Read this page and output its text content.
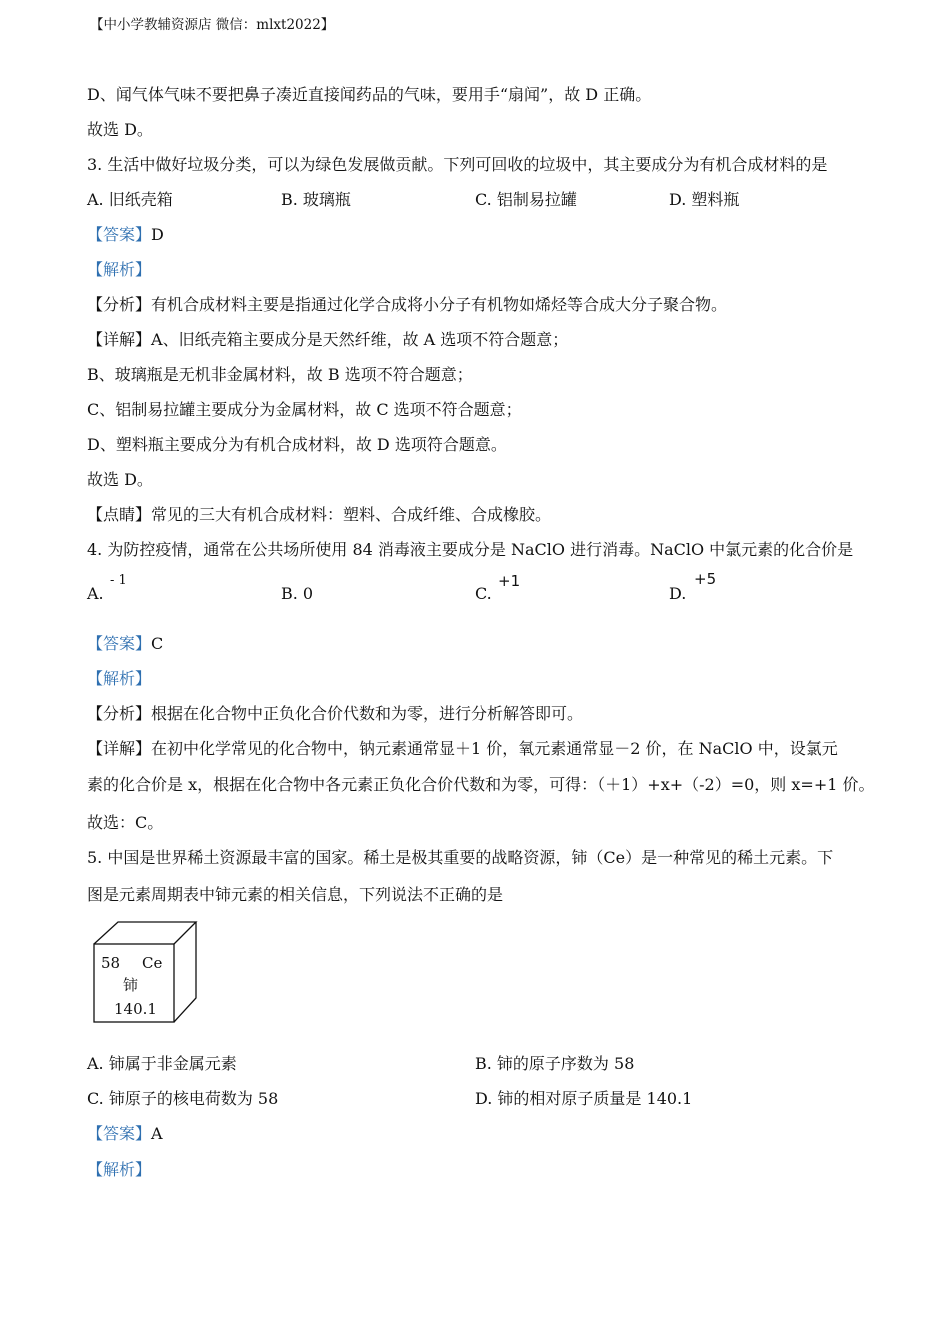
【中小学教辅资源店 微信：mlxt2022】
D、闻气体气味不要把鼻子凑近直接闻药品的气味，要用手“扇闻”，故 D 正确。
故选 D。
3. 生活中做好垃圾分类，可以为绿色发展做贡献。下列可回收的垃圾中，其主要成分为有机合成材料的是
A. 旧纸壳箱	B. 玻璃瓶	C. 铝制易拉罐	D. 塑料瓶
【答案】D
【解析】
【分析】有机合成材料主要是指通过化学合成将小分子有机物如烯烃等合成大分子聚合物。
【详解】A、旧纸壳箱主要成分是天然纤维，故 A 选项不符合题意；
B、玻璃瓶是无机非金属材料，故 B 选项不符合题意；
C、铝制易拉罐主要成分为金属材料，故 C 选项不符合题意；
D、塑料瓶主要成分为有机合成材料，故 D 选项符合题意。
故选 D。
【点睛】常见的三大有机合成材料：塑料、合成纤维、合成橡胶。
4. 为防控疫情，通常在公共场所使用 84 消毒液主要成分是 NaClO 进行消毒。NaClO 中氯元素的化合价是
A.
- 1
B. 0	C.
+1
D.
+5
【答案】C
【解析】
【分析】根据在化合物中正负化合价代数和为零，进行分析解答即可。
【详解】在初中化学常见的化合物中，钠元素通常显＋1 价，氧元素通常显－2 价，在 NaClO 中，设氯元
素的化合价是 x，根据在化合物中各元素正负化合价代数和为零，可得：（＋1）+x+（-2）=0，则 x=+1 价。
故选：C。
5. 中国是世界稀土资源最丰富的国家。稀土是极其重要的战略资源，铈（Ce）是一种常见的稀土元素。下
图是元素周期表中铈元素的相关信息，下列说法不正确的是
58 Ce
铈
140.1
A. 铈属于非金属元素	B. 铈的原子序数为 58
C. 铈原子的核电荷数为 58	D. 铈的相对原子质量是 140.1
【答案】A
【解析】
